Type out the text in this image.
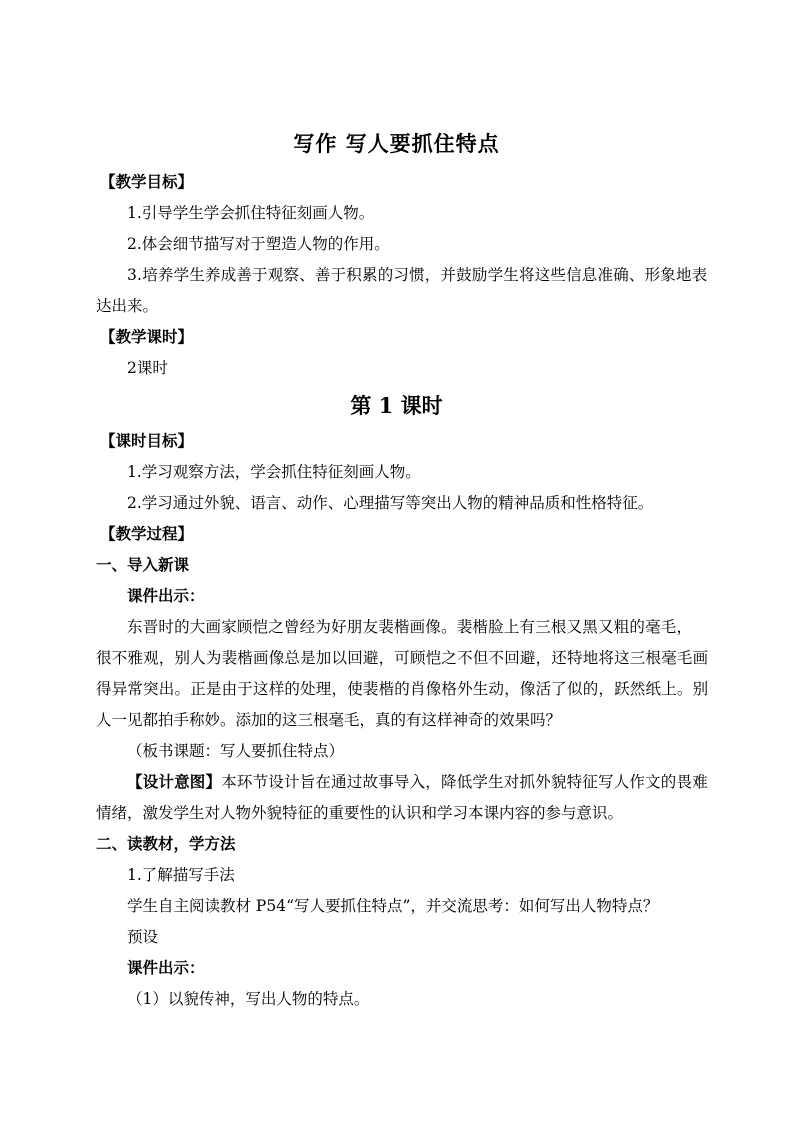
写作 写人要抓住特点
【教学目标】
1.引导学生学会抓住特征刻画人物。
2.体会细节描写对于塑造人物的作用。
3.培养学生养成善于观察、善于积累的习惯，并鼓励学生将这些信息准确、形象地表
达出来。
【教学课时】
2课时
第 1 课时
【课时目标】
1.学习观察方法，学会抓住特征刻画人物。
2.学习通过外貌、语言、动作、心理描写等突出人物的精神品质和性格特征。
【教学过程】
一、导入新课
课件出示：
东晋时的大画家顾恺之曾经为好朋友裴楷画像。裴楷脸上有三根又黑又粗的毫毛，
很不雅观，别人为裴楷画像总是加以回避，可顾恺之不但不回避，还特地将这三根毫毛画
得异常突出。正是由于这样的处理，使裴楷的肖像格外生动，像活了似的，跃然纸上。别
人一见都拍手称妙。添加的这三根毫毛，真的有这样神奇的效果吗？
（板书课题：写人要抓住特点）
【设计意图】本环节设计旨在通过故事导入，降低学生对抓外貌特征写人作文的畏难
情绪，激发学生对人物外貌特征的重要性的认识和学习本课内容的参与意识。
二、读教材，学方法
1.了解描写手法
学生自主阅读教材 P54“写人要抓住特点”，并交流思考：如何写出人物特点？
预设
课件出示：
（1）以貌传神，写出人物的特点。
